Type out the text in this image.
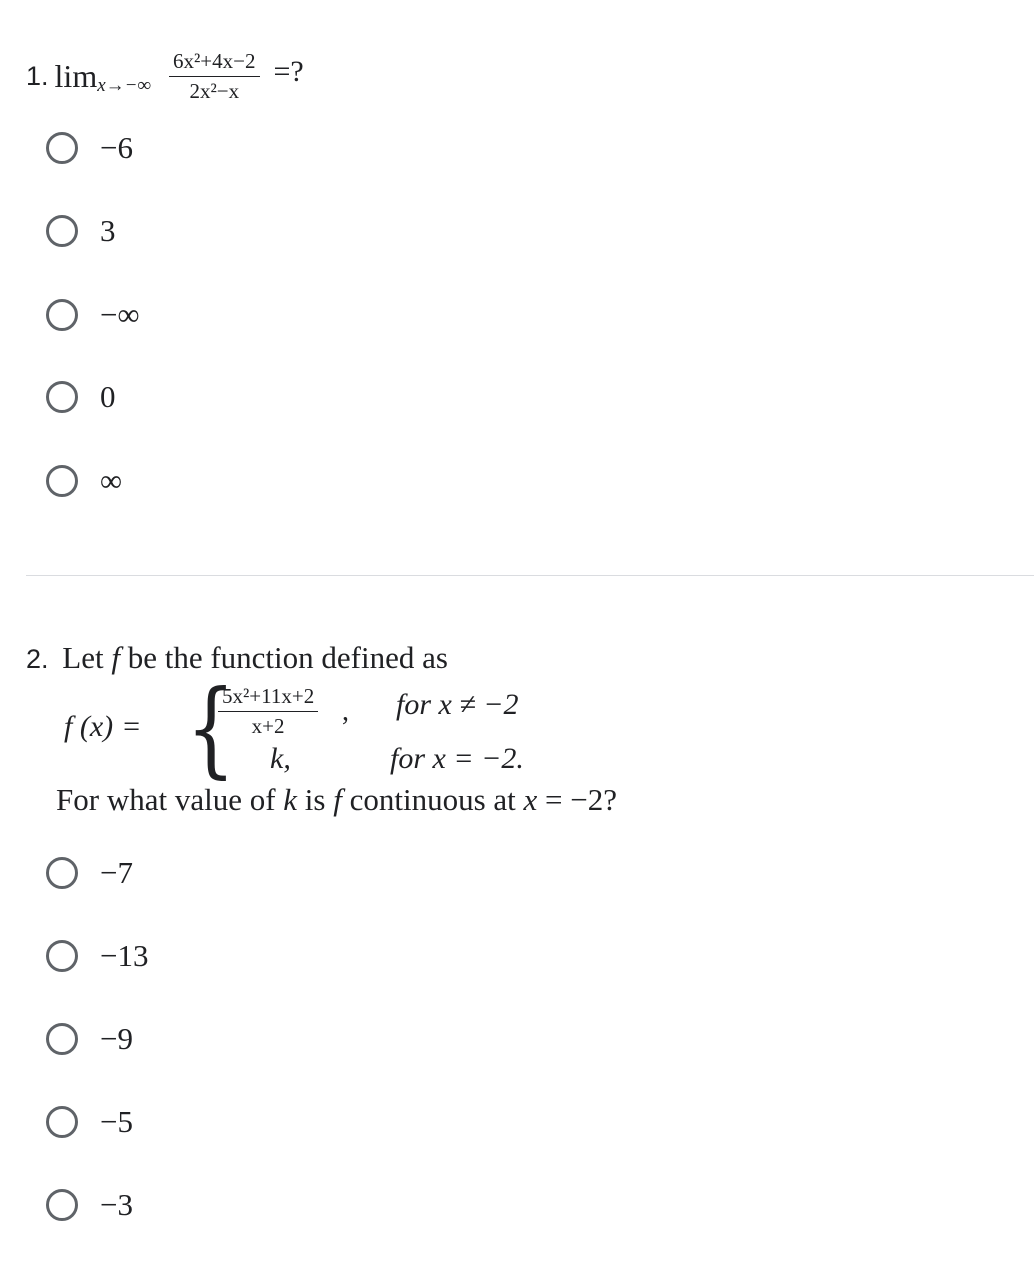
1. $\lim x\to-\infty \frac{\text{6x²+4x−2}}{\text{2x²−x}}$ =?
−6
3
−∞
0
∞
2. Let f be the function defined as
f (x) = {
$\frac{\text{5x²+11x+2}}{x+2}$ , for x ≠ −2
k,	for x = −2.
For what value of k is f continuous at x = −2?
−7
−13
−9
−5
−3
